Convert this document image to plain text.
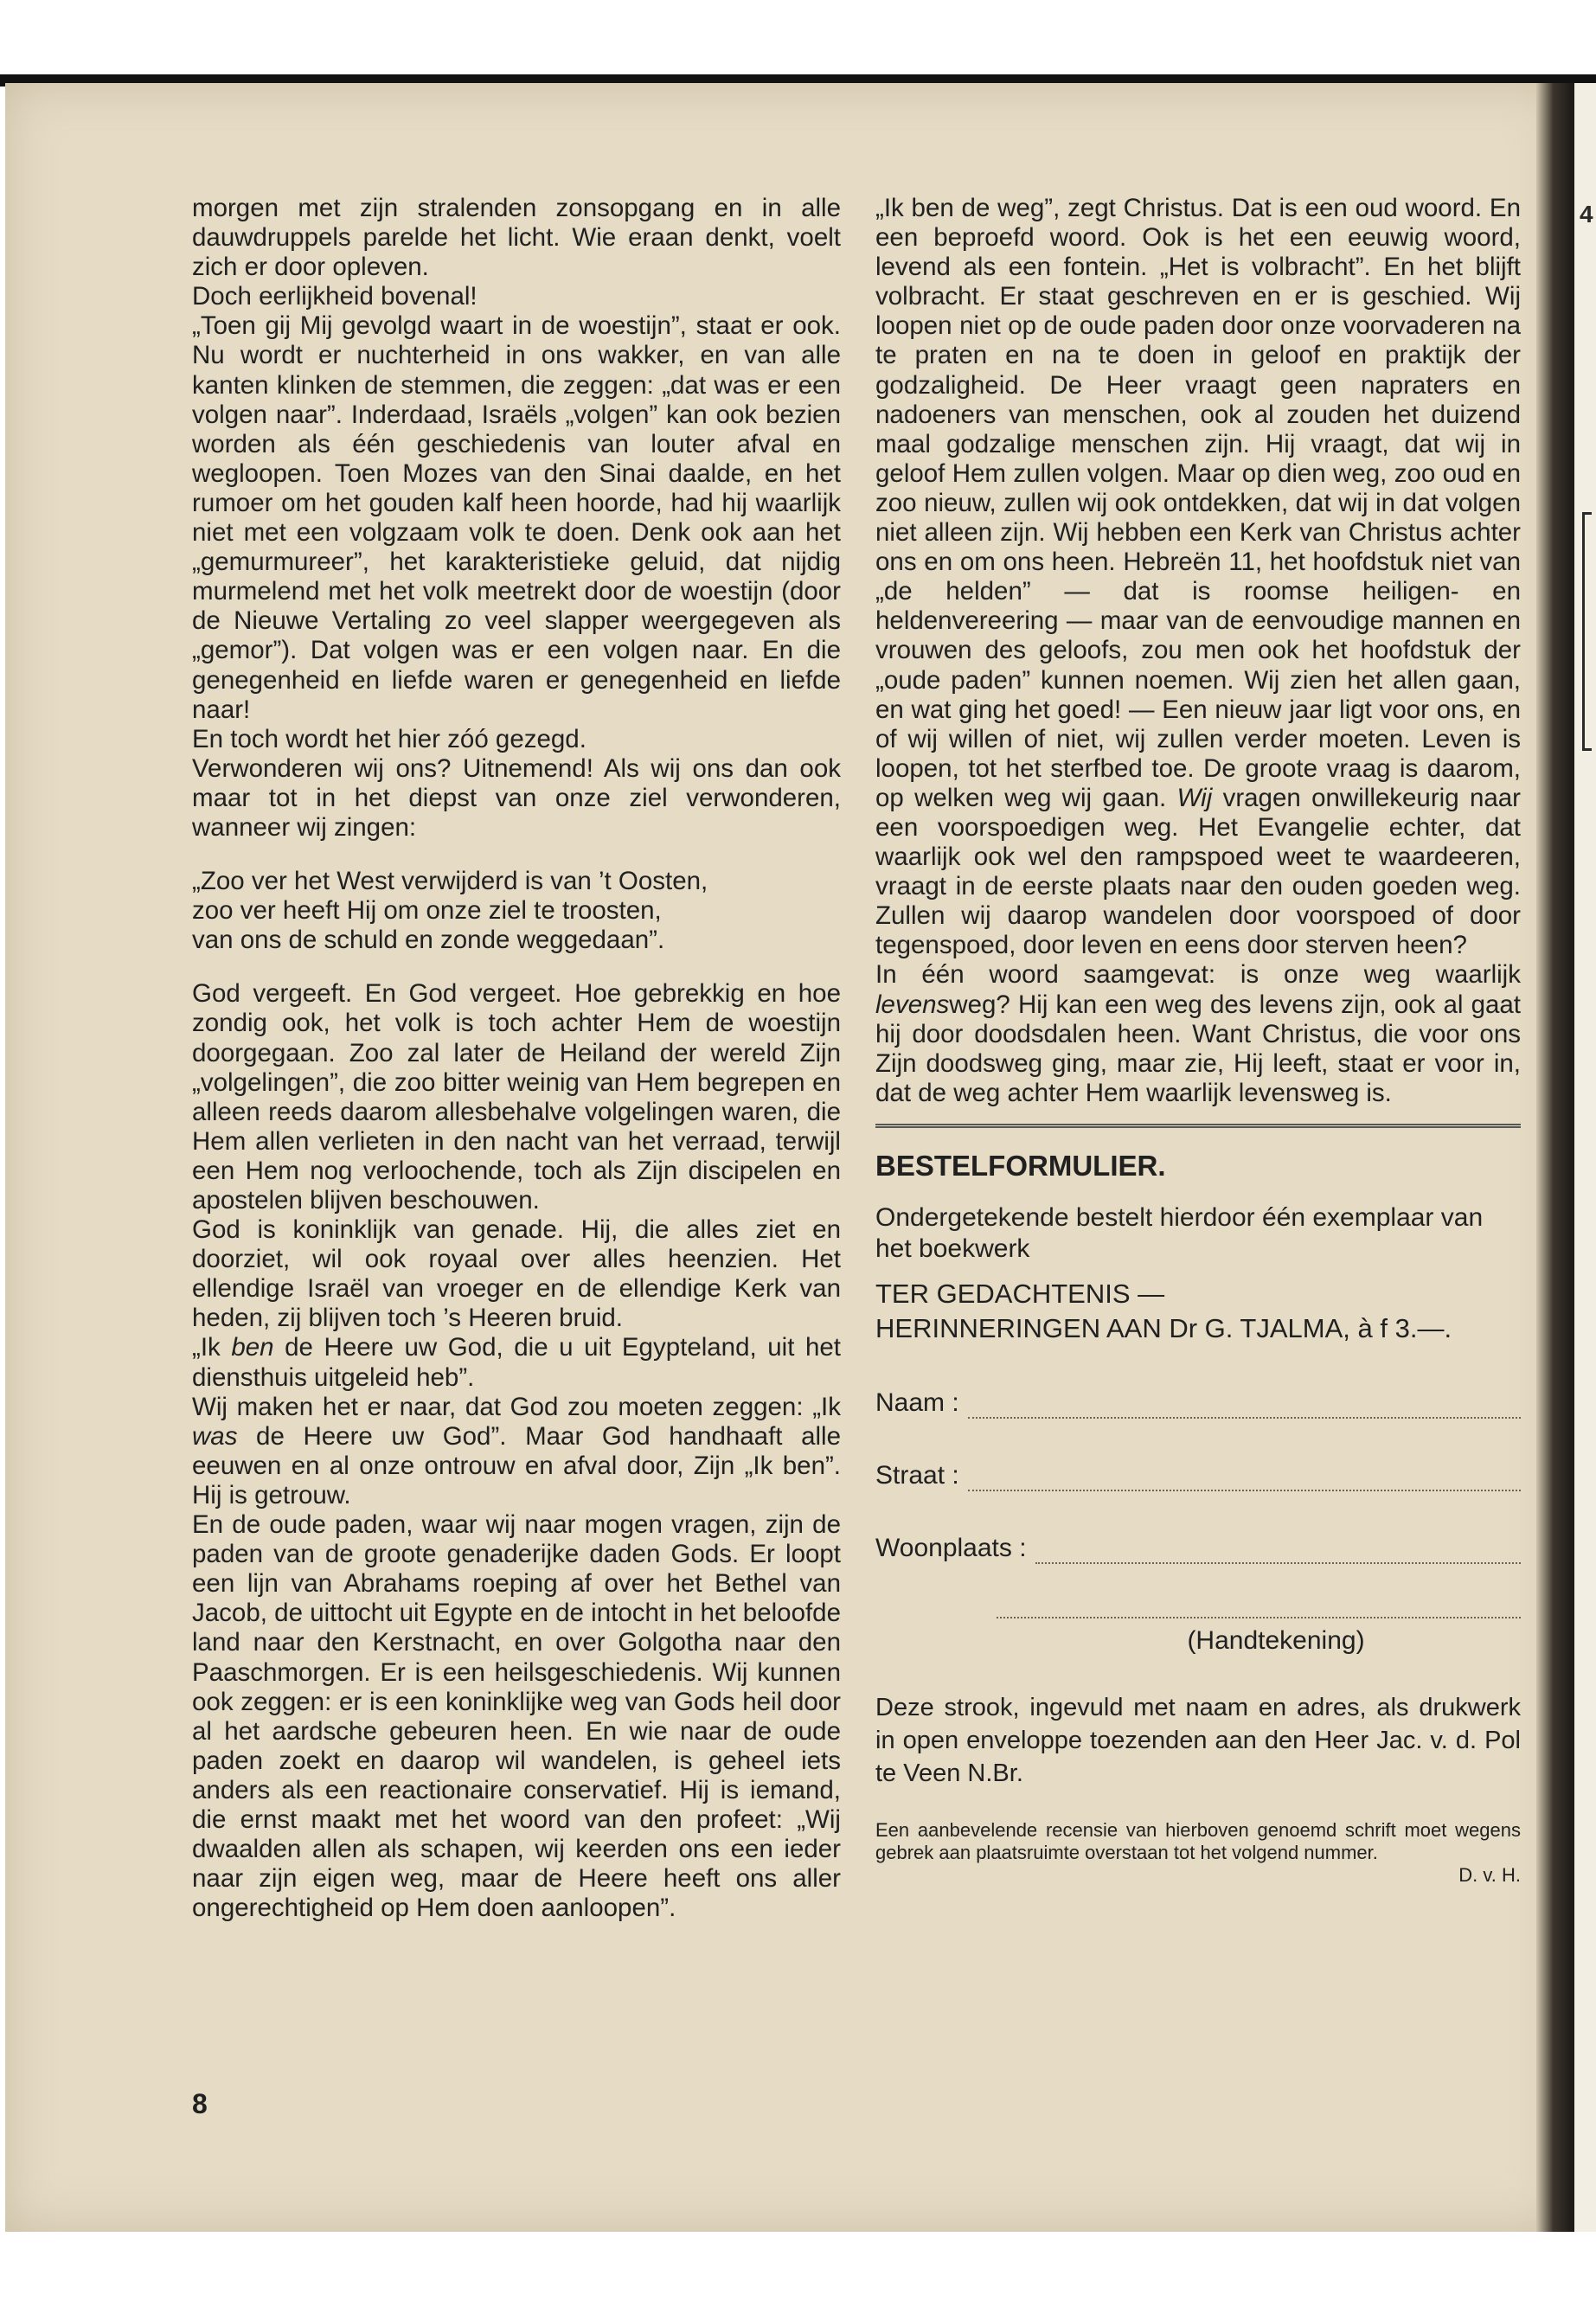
4

morgen met zijn stralenden zonsopgang en in alle dauwdruppels parelde het licht. Wie eraan denkt, voelt zich er door opleven.

Doch eerlijkheid bovenal!

„Toen gij Mij gevolgd waart in de woestijn”, staat er ook. Nu wordt er nuchterheid in ons wakker, en van alle kanten klinken de stemmen, die zeggen: „dat was er een volgen naar”. Inderdaad, Israëls „volgen” kan ook bezien worden als één geschiedenis van louter afval en wegloopen. Toen Mozes van den Sinai daalde, en het rumoer om het gouden kalf heen hoorde, had hij waarlijk niet met een volgzaam volk te doen. Denk ook aan het „gemurmureer”, het karakteristieke geluid, dat nijdig murmelend met het volk meetrekt door de woestijn (door de Nieuwe Vertaling zo veel slapper weergegeven als „gemor”). Dat volgen was er een volgen naar. En die genegenheid en liefde waren er genegenheid en liefde naar!

En toch wordt het hier zóó gezegd.

Verwonderen wij ons? Uitnemend! Als wij ons dan ook maar tot in het diepst van onze ziel verwonderen, wanneer wij zingen:

„Zoo ver het West verwijderd is van ’t Oosten,

zoo ver heeft Hij om onze ziel te troosten,

van ons de schuld en zonde weggedaan”.

God vergeeft. En God vergeet. Hoe gebrekkig en hoe zondig ook, het volk is toch achter Hem de woestijn doorgegaan. Zoo zal later de Heiland der wereld Zijn „volgelingen”, die zoo bitter weinig van Hem begrepen en alleen reeds daarom allesbehalve volgelingen waren, die Hem allen verlieten in den nacht van het verraad, terwijl een Hem nog verloochende, toch als Zijn discipelen en apostelen blijven beschouwen.

God is koninklijk van genade. Hij, die alles ziet en doorziet, wil ook royaal over alles heenzien. Het ellendige Israël van vroeger en de ellendige Kerk van heden, zij blijven toch ’s Heeren bruid.

„Ik ben de Heere uw God, die u uit Egypteland, uit het diensthuis uitgeleid heb”.

Wij maken het er naar, dat God zou moeten zeggen: „Ik was de Heere uw God”. Maar God handhaaft alle eeuwen en al onze ontrouw en afval door, Zijn „Ik ben”. Hij is getrouw.

En de oude paden, waar wij naar mogen vragen, zijn de paden van de groote genaderijke daden Gods. Er loopt een lijn van Abrahams roeping af over het Bethel van Jacob, de uittocht uit Egypte en de intocht in het beloofde land naar den Kerstnacht, en over Golgotha naar den Paaschmorgen. Er is een heilsgeschiedenis. Wij kunnen ook zeggen: er is een koninklijke weg van Gods heil door al het aardsche gebeuren heen. En wie naar de oude paden zoekt en daarop wil wandelen, is geheel iets anders als een reactionaire conservatief. Hij is iemand, die ernst maakt met het woord van den profeet: „Wij dwaalden allen als schapen, wij keerden ons een ieder naar zijn eigen weg, maar de Heere heeft ons aller ongerechtigheid op Hem doen aanloopen”.

8

„Ik ben de weg”, zegt Christus. Dat is een oud woord. En een beproefd woord. Ook is het een eeuwig woord, levend als een fontein. „Het is volbracht”. En het blijft volbracht. Er staat geschreven en er is geschied. Wij loopen niet op de oude paden door onze voorvaderen na te praten en na te doen in geloof en praktijk der godzaligheid. De Heer vraagt geen napraters en nadoeners van menschen, ook al zouden het duizend maal godzalige menschen zijn. Hij vraagt, dat wij in geloof Hem zullen volgen. Maar op dien weg, zoo oud en zoo nieuw, zullen wij ook ontdekken, dat wij in dat volgen niet alleen zijn. Wij hebben een Kerk van Christus achter ons en om ons heen. Hebreën 11, het hoofdstuk niet van „de helden” — dat is roomse heiligen- en heldenvereering — maar van de eenvoudige mannen en vrouwen des geloofs, zou men ook het hoofdstuk der „oude paden” kunnen noemen. Wij zien het allen gaan, en wat ging het goed! — Een nieuw jaar ligt voor ons, en of wij willen of niet, wij zullen verder moeten. Leven is loopen, tot het sterfbed toe. De groote vraag is daarom, op welken weg wij gaan. Wij vragen onwillekeurig naar een voorspoedigen weg. Het Evangelie echter, dat waarlijk ook wel den rampspoed weet te waardeeren, vraagt in de eerste plaats naar den ouden goeden weg. Zullen wij daarop wandelen door voorspoed of door tegenspoed, door leven en eens door sterven heen?

In één woord saamgevat: is onze weg waarlijk levensweg? Hij kan een weg des levens zijn, ook al gaat hij door doodsdalen heen. Want Christus, die voor ons Zijn doodsweg ging, maar zie, Hij leeft, staat er voor in, dat de weg achter Hem waarlijk levensweg is.

BESTELFORMULIER.
Ondergetekende bestelt hierdoor één exemplaar van het boekwerk
TER GEDACHTENIS —
HERINNERINGEN AAN Dr G. TJALMA, à f 3.—.
Naam :
Straat :
Woonplaats :
(Handtekening)
Deze strook, ingevuld met naam en adres, als drukwerk in open enveloppe toezenden aan den Heer Jac. v. d. Pol te Veen N.Br.
Een aanbevelende recensie van hierboven genoemd schrift moet wegens gebrek aan plaatsruimte overstaan tot het volgend nummer.
D. v. H.
